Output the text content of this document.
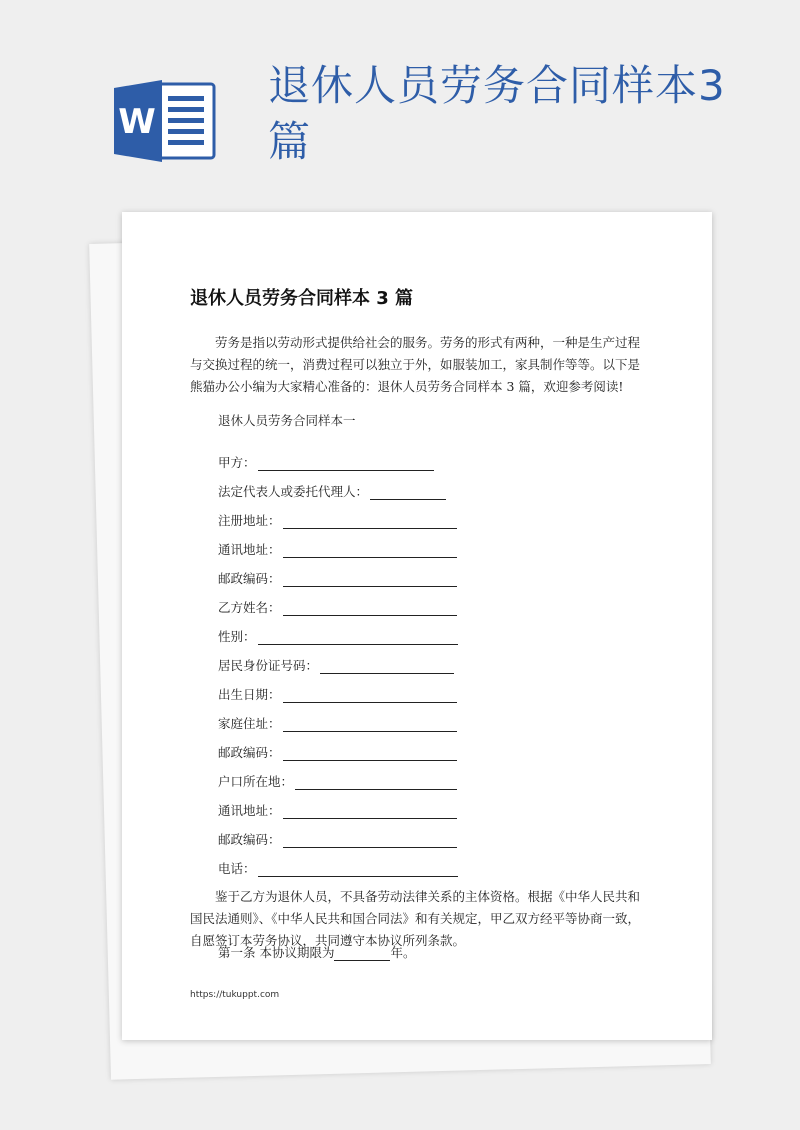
W
退休人员劳务合同样本3篇
退休人员劳务合同样本 3 篇

劳务是指以劳动形式提供给社会的服务。劳务的形式有两种，一种是生产过程与交换过程的统一，消费过程可以独立于外，如服装加工，家具制作等等。以下是熊猫办公小编为大家精心准备的：退休人员劳务合同样本 3 篇，欢迎参考阅读!

退休人员劳务合同样本一

甲方：
法定代表人或委托代理人：
注册地址：
通讯地址：
邮政编码：
乙方姓名：
性别：
居民身份证号码：
出生日期：
家庭住址：
邮政编码：
户口所在地：
通讯地址：
邮政编码：
电话：

鉴于乙方为退休人员，不具备劳动法律关系的主体资格。根据《中华人民共和国民法通则》、《中华人民共和国合同法》和有关规定，甲乙双方经平等协商一致，自愿签订本劳务协议，共同遵守本协议所列条款。

第一条 本协议期限为	年。

https://tukuppt.com
